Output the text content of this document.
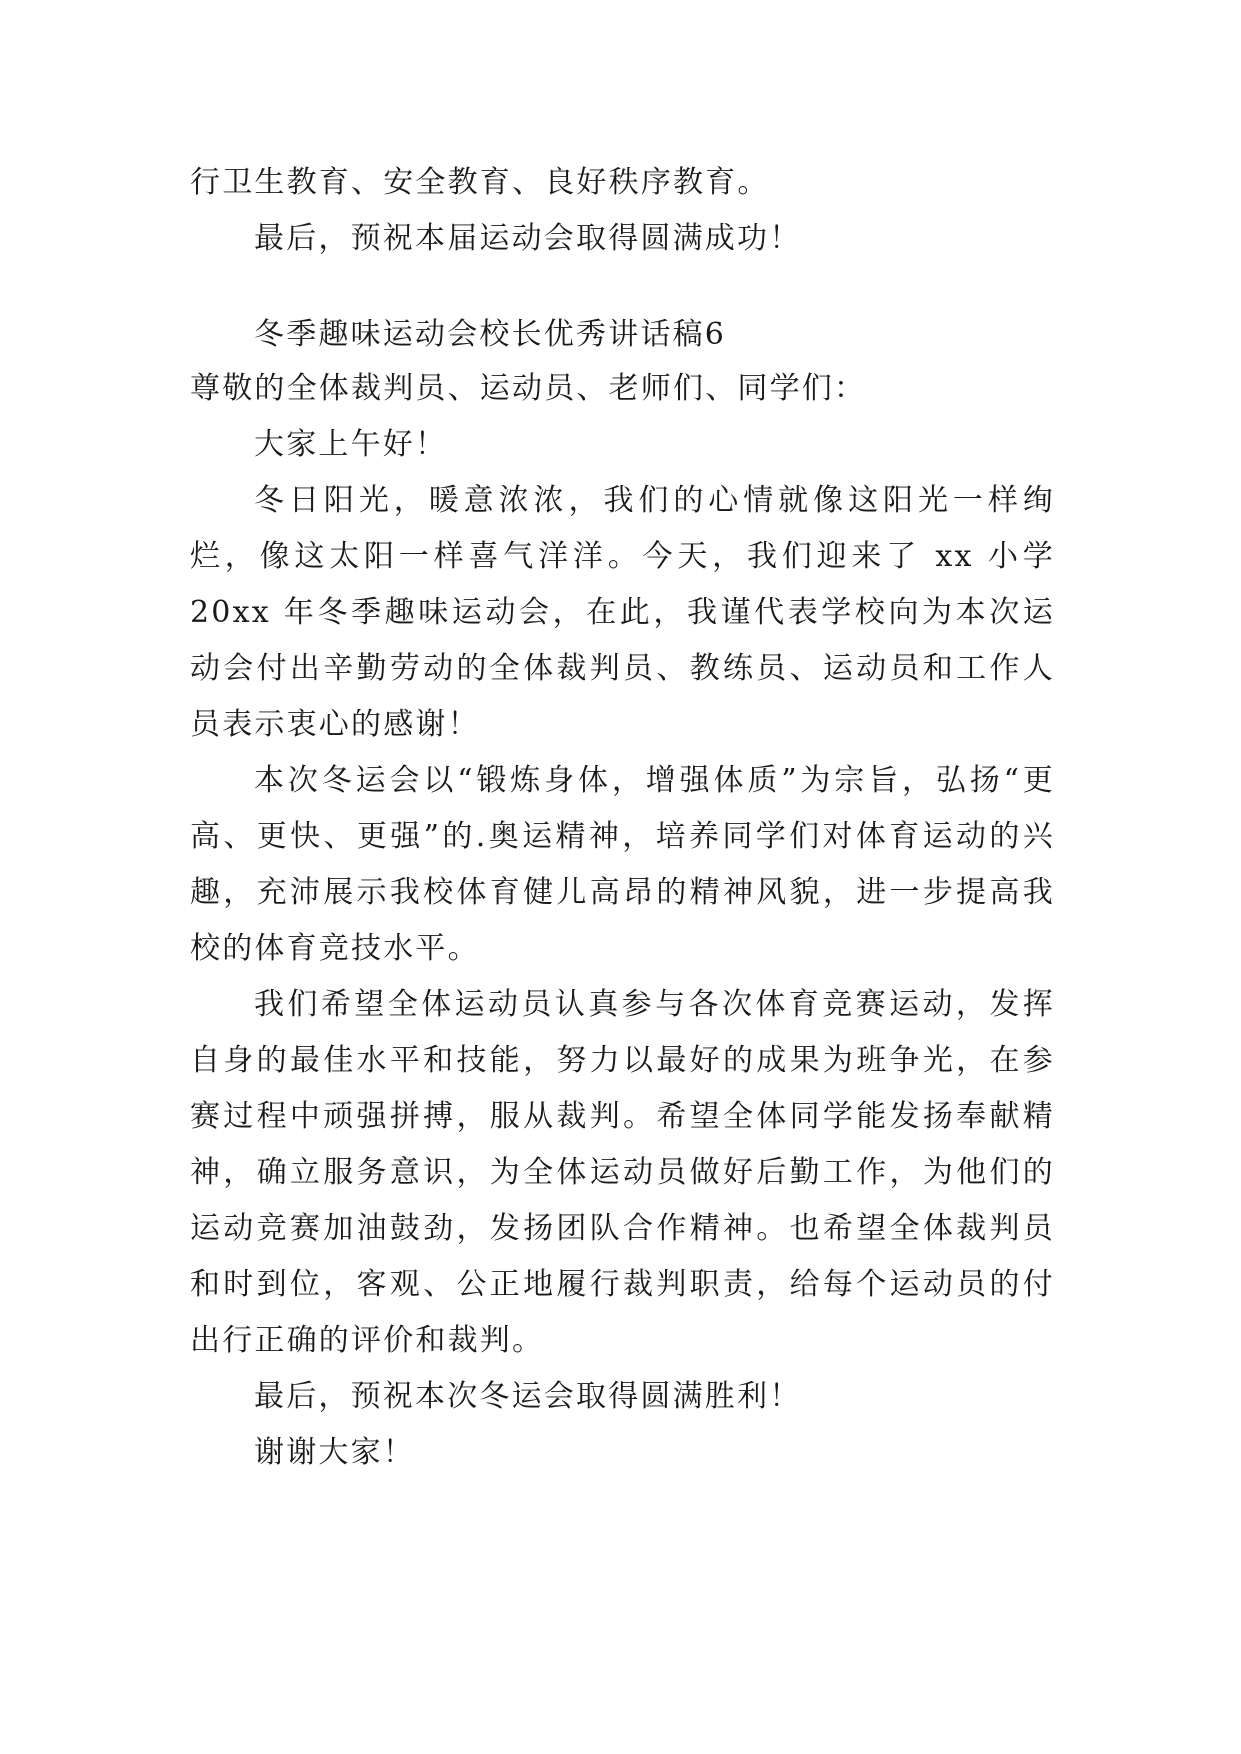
行卫生教育、安全教育、良好秩序教育。

最后，预祝本届运动会取得圆满成功！

冬季趣味运动会校长优秀讲话稿6

尊敬的全体裁判员、运动员、老师们、同学们：

大家上午好！

冬日阳光，暖意浓浓，我们的心情就像这阳光一样绚烂，像这太阳一样喜气洋洋。今天，我们迎来了 xx 小学 20xx 年冬季趣味运动会，在此，我谨代表学校向为本次运动会付出辛勤劳动的全体裁判员、教练员、运动员和工作人员表示衷心的感谢！

本次冬运会以“锻炼身体，增强体质”为宗旨，弘扬“更高、更快、更强”的.奥运精神，培养同学们对体育运动的兴趣，充沛展示我校体育健儿高昂的精神风貌，进一步提高我校的体育竞技水平。

我们希望全体运动员认真参与各次体育竞赛运动，发挥自身的最佳水平和技能，努力以最好的成果为班争光，在参赛过程中顽强拼搏，服从裁判。希望全体同学能发扬奉献精神，确立服务意识，为全体运动员做好后勤工作，为他们的运动竞赛加油鼓劲，发扬团队合作精神。也希望全体裁判员和时到位，客观、公正地履行裁判职责，给每个运动员的付出行正确的评价和裁判。

最后，预祝本次冬运会取得圆满胜利！

谢谢大家！
